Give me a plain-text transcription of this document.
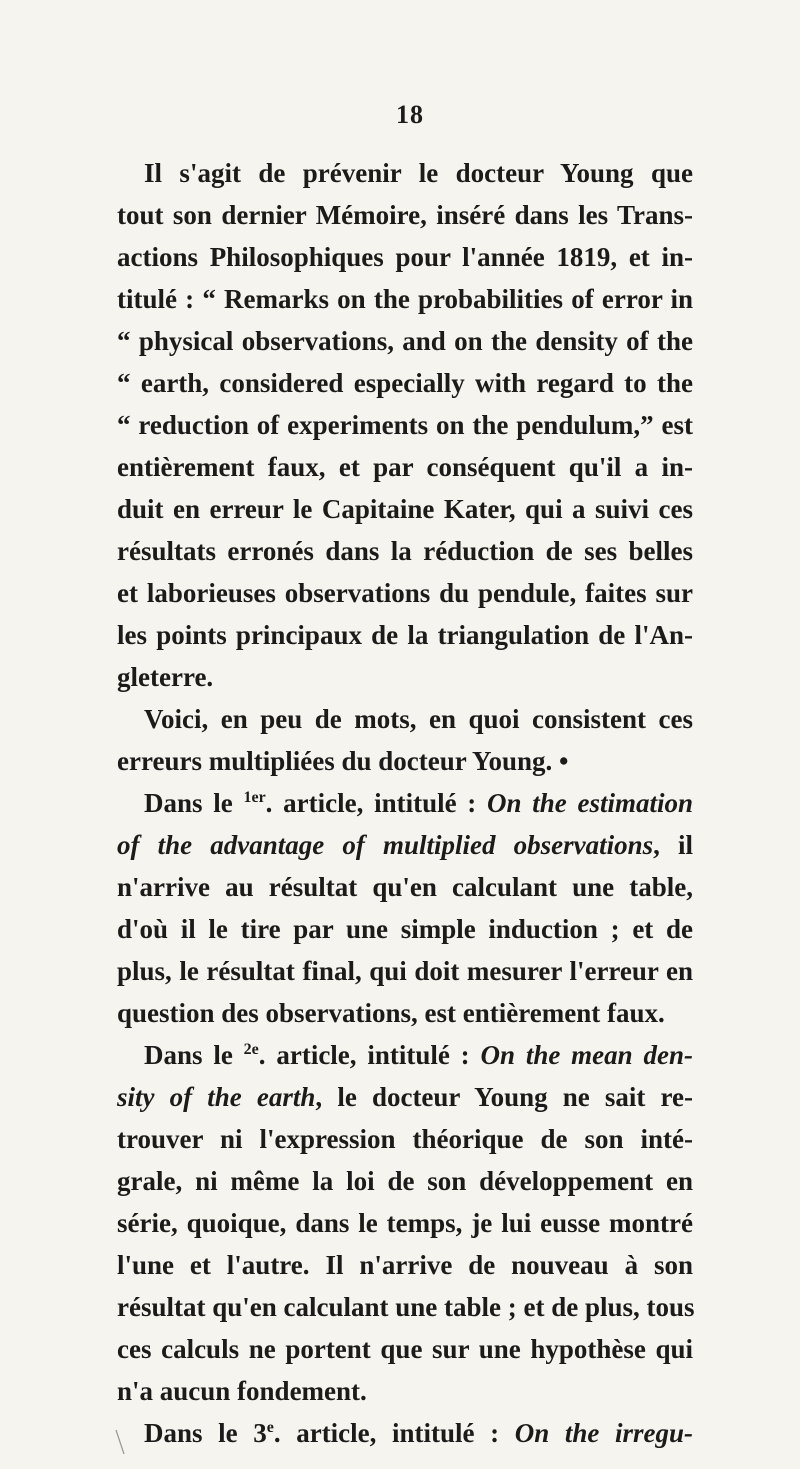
18
Il s'agit de prévenir le docteur Young que
tout son dernier Mémoire, inséré dans les Trans-
actions Philosophiques pour l'année 1819, et in-
titulé : “ Remarks on the probabilities of error in
“ physical observations, and on the density of the
“ earth, considered especially with regard to the
“ reduction of experiments on the pendulum,” est
entièrement faux, et par conséquent qu'il a in-
duit en erreur le Capitaine Kater, qui a suivi ces
résultats erronés dans la réduction de ses belles
et laborieuses observations du pendule, faites sur
les points principaux de la triangulation de l'An-
gleterre.
Voici, en peu de mots, en quoi consistent ces
erreurs multipliées du docteur Young. •
Dans le $^{1er}$. article, intitulé : On the estimation
of the advantage of multiplied observations, il
n'arrive au résultat qu'en calculant une table,
d'où il le tire par une simple induction ; et de
plus, le résultat final, qui doit mesurer l'erreur en
question des observations, est entièrement faux.
Dans le $^{2e}$. article, intitulé : On the mean den-
sity of the earth, le docteur Young ne sait re-
trouver ni l'expression théorique de son inté-
grale, ni même la loi de son développement en
série, quoique, dans le temps, je lui eusse montré
l'une et l'autre. Il n'arrive de nouveau à son
résultat qu'en calculant une table ; et de plus, tous
ces calculs ne portent que sur une hypothèse qui
n'a aucun fondement.
Dans le 3e. article, intitulé : On the irregu-
